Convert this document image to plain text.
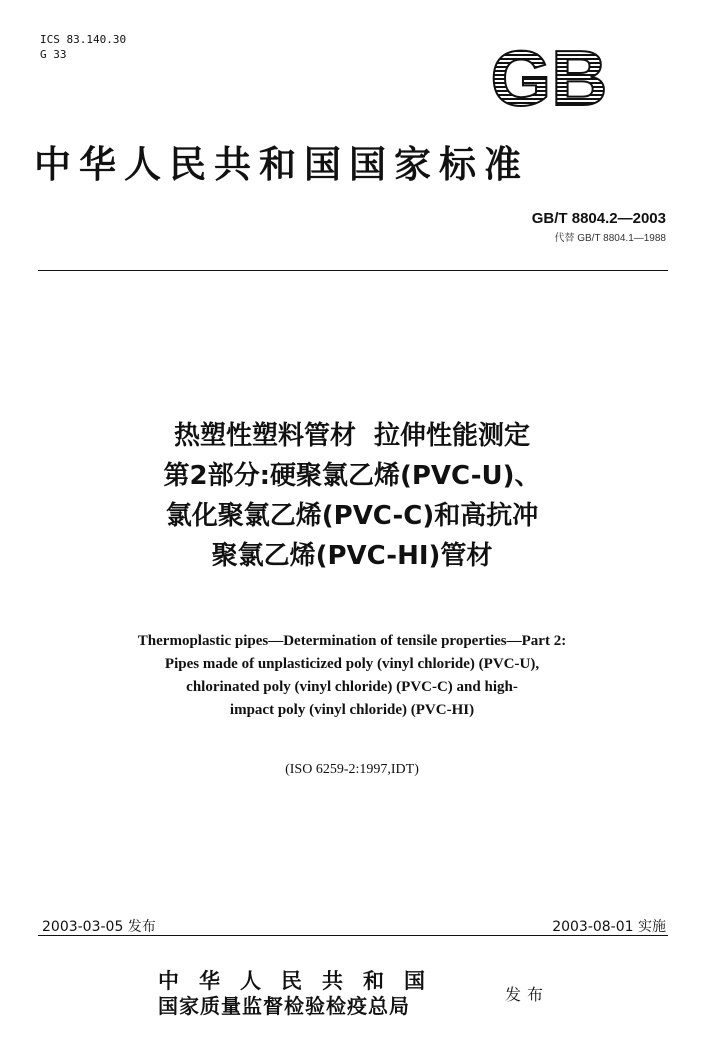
ICS 83.140.30
G 33	GB
中华人民共和国国家标准
GB/T 8804.2—2003
代替 GB/T 8804.1—1988
热塑性塑料管材  拉伸性能测定
第2部分:硬聚氯乙烯(PVC-U)、
氯化聚氯乙烯(PVC-C)和高抗冲
聚氯乙烯(PVC-HI)管材
Thermoplastic pipes—Determination of tensile properties—Part 2:
Pipes made of unplasticized poly (vinyl chloride) (PVC-U),
chlorinated poly (vinyl chloride) (PVC-C) and high-
impact poly (vinyl chloride) (PVC-HI)
(ISO 6259-2:1997,IDT)
2003-03-05 发布	2003-08-01 实施
中华人民共和国
国家质量监督检验检疫总局	发布
